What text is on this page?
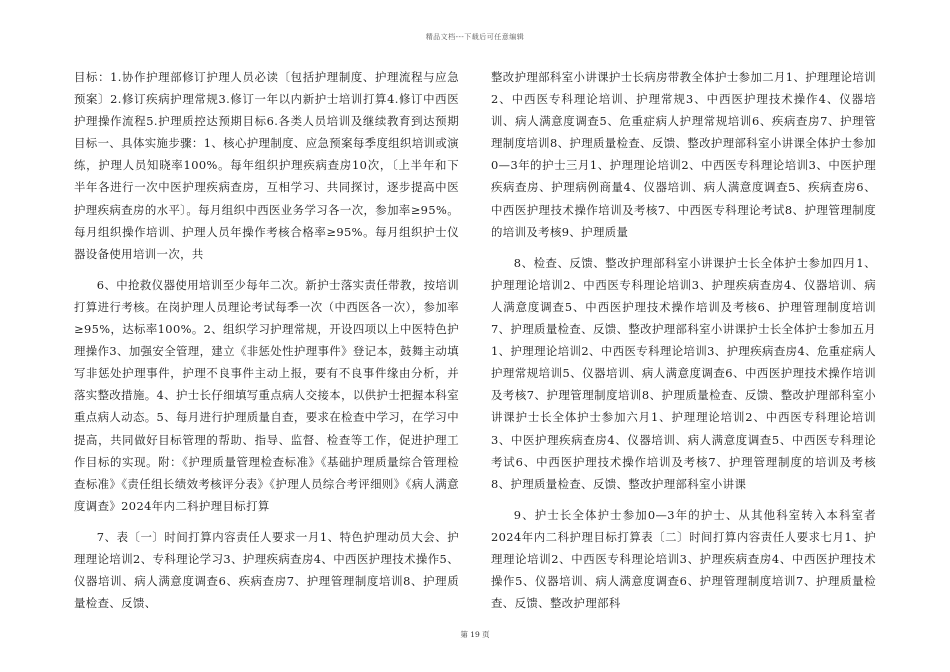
精品文档---下载后可任意编辑

目标：1.协作护理部修订护理人员必读〔包括护理制度、护理流程与应急预案〕2.修订疾病护理常规3.修订一年以内新护士培训打算4.修订中西医护理操作流程5.护理质控达预期目标6.各类人员培训及继续教育到达预期目标一、具体实施步骤：1、核心护理制度、应急预案每季度组织培训或演练，护理人员知晓率100%。每年组织护理疾病查房10次，〔上半年和下半年各进行一次中医护理疾病查房，互相学习、共同探讨，逐步提高中医护理疾病查房的水平〕。每月组织中西医业务学习各一次，参加率≥95%。每月组织操作培训、护理人员年操作考核合格率≥95%。每月组织护士仪器设备使用培训一次，共

6、中抢救仪器使用培训至少每年二次。新护士落实责任带教，按培训打算进行考核。在岗护理人员理论考试每季一次（中西医各一次），参加率≥95%，达标率100%。2、组织学习护理常规，开设四项以上中医特色护理操作3、加强安全管理，建立《非惩处性护理事件》登记本，鼓舞主动填写非惩处护理事件，护理不良事件主动上报，要有不良事件缘由分析，并落实整改措施。4、护士长仔细填写重点病人交接本，以供护士把握本科室重点病人动态。5、每月进行护理质量自查，要求在检查中学习，在学习中提高，共同做好目标管理的帮助、指导、监督、检查等工作，促进护理工作目标的实现。附：《护理质量管理检查标准》《基础护理质量综合管理检查标准》《责任组长绩效考核评分表》《护理人员综合考评细则》《病人满意度调查》2024年内二科护理目标打算

7、表〔一〕时间打算内容责任人要求一月1、特色护理动员大会、护理理论培训2、专科理论学习3、护理疾病查房4、中西医护理技术操作5、仪器培训、病人满意度调查6、疾病查房7、护理管理制度培训8、护理质量检查、反馈、

整改护理部科室小讲课护士长病房带教全体护士参加二月1、护理理论培训2、中西医专科理论培训、护理常规3、中西医护理技术操作4、仪器培训、病人满意度调查5、危重症病人护理常规培训6、疾病查房7、护理管理制度培训8、护理质量检查、反馈、整改护理部科室小讲课全体护士参加0—3年的护士三月1、护理理论培训2、中西医专科理论培训3、中医护理疾病查房、护理病例商量4、仪器培训、病人满意度调查5、疾病查房6、中西医护理技术操作培训及考核7、中西医专科理论考试8、护理管理制度的培训及考核9、护理质量

8、检查、反馈、整改护理部科室小讲课护士长全体护士参加四月1、护理理论培训2、中西医专科理论培训3、护理疾病查房4、仪器培训、病人满意度调查5、中西医护理技术操作培训及考核6、护理管理制度培训7、护理质量检查、反馈、整改护理部科室小讲课护士长全体护士参加五月1、护理理论培训2、中西医专科理论培训3、护理疾病查房4、危重症病人护理常规培训5、仪器培训、病人满意度调查6、中西医护理技术操作培训及考核7、护理管理制度培训8、护理质量检查、反馈、整改护理部科室小讲课护士长全体护士参加六月1、护理理论培训2、中西医专科理论培训3、中医护理疾病查房4、仪器培训、病人满意度调查5、中西医专科理论考试6、中西医护理技术操作培训及考核7、护理管理制度的培训及考核8、护理质量检查、反馈、整改护理部科室小讲课

9、护士长全体护士参加0—3年的护士、从其他科室转入本科室者2024年内二科护理目标打算表〔二〕时间打算内容责任人要求七月1、护理理论培训2、中西医专科理论培训3、护理疾病查房4、中西医护理技术操作5、仪器培训、病人满意度调查6、护理管理制度培训7、护理质量检查、反馈、整改护理部科

第 19 页
